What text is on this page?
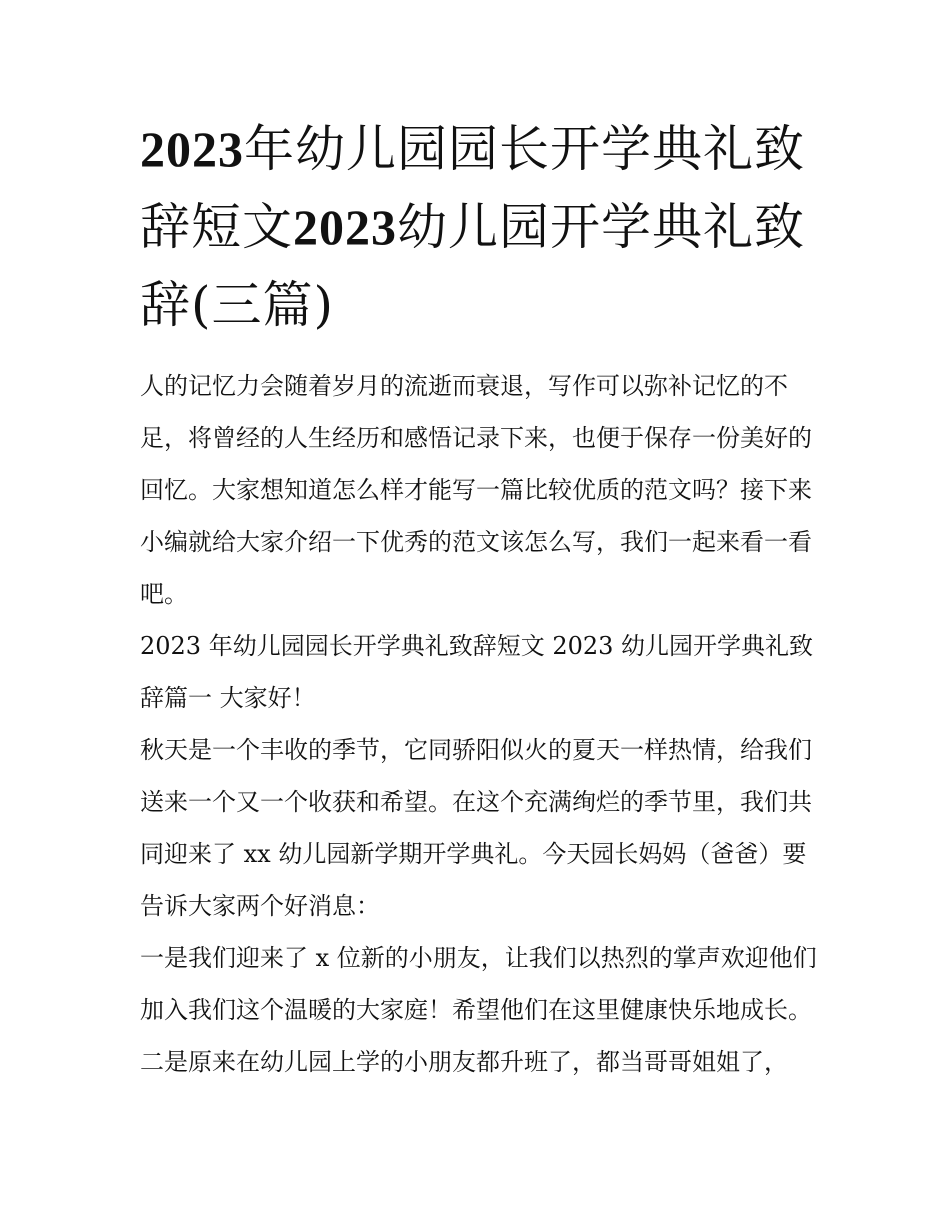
2023年幼儿园园长开学典礼致辞短文2023幼儿园开学典礼致辞(三篇)

人的记忆力会随着岁月的流逝而衰退，写作可以弥补记忆的不足，将曾经的人生经历和感悟记录下来，也便于保存一份美好的回忆。大家想知道怎么样才能写一篇比较优质的范文吗？接下来小编就给大家介绍一下优秀的范文该怎么写，我们一起来看一看吧。

2023 年幼儿园园长开学典礼致辞短文 2023 幼儿园开学典礼致辞篇一 大家好！

秋天是一个丰收的季节，它同骄阳似火的夏天一样热情，给我们送来一个又一个收获和希望。在这个充满绚烂的季节里，我们共同迎来了 xx 幼儿园新学期开学典礼。今天园长妈妈（爸爸）要告诉大家两个好消息：

一是我们迎来了 x 位新的小朋友，让我们以热烈的掌声欢迎他们加入我们这个温暖的大家庭！希望他们在这里健康快乐地成长。

二是原来在幼儿园上学的小朋友都升班了，都当哥哥姐姐了，
